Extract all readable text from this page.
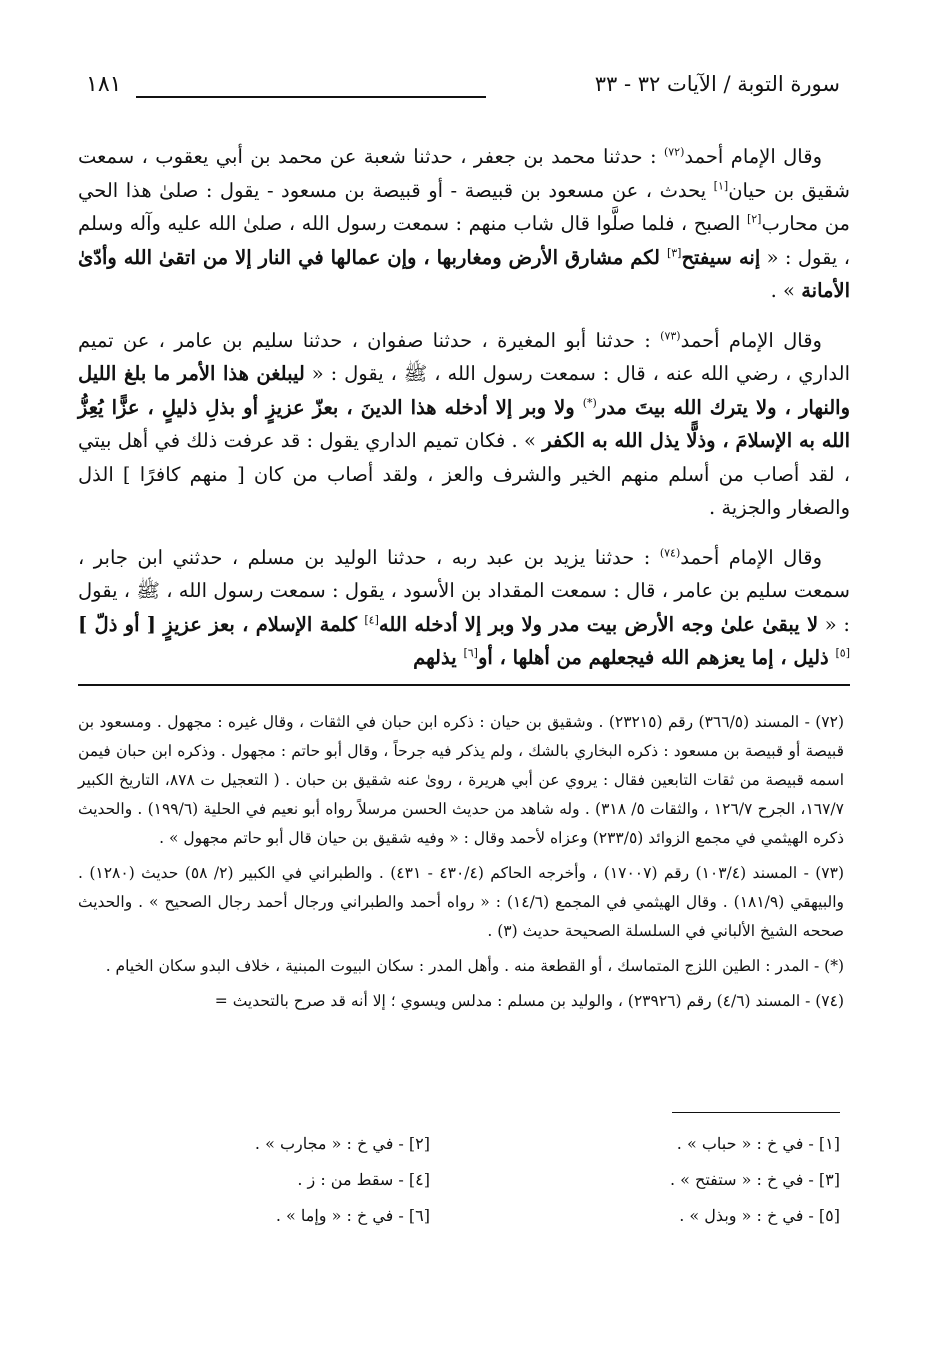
١٨١	سورة التوبة / الآيات ٣٢ - ٣٣

وقال الإمام أحمد$^{(٧٢)}$ : حدثنا محمد بن جعفر ، حدثنا شعبة عن محمد بن أبي يعقوب ، سمعت شقيق بن حيان[١] يحدث ، عن مسعود بن قبيصة - أو قبيصة بن مسعود - يقول : صلىٰ هذا الحي من محارب[٢] الصبح ، فلما صلَّوا قال شاب منهم : سمعت رسول الله ، صلىٰ الله عليه وآله وسلم ، يقول : « إنه سيفتح[٣] لكم مشارق الأرض ومغاربها ، وإن عمالها في النار إلا من اتقىٰ الله وأدّىٰ الأمانة » .

وقال الإمام أحمد$^{(٧٣)}$ : حدثنا أبو المغيرة ، حدثنا صفوان ، حدثنا سليم بن عامر ، عن تميم الداري ، رضي الله عنه ، قال : سمعت رسول الله ، ﷺ ، يقول : « ليبلغن هذا الأمر ما بلغ الليل والنهار ، ولا يترك الله بيتَ مدر(*) ولا وبر إلا أدخله هذا الدينَ ، بعزّ عزيزٍ أو بذلِ ذليلٍ ، عزًّا يُعِزُّ الله به الإسلامَ ، وذلًّا يذل الله به الكفر » . فكان تميم الداري يقول : قد عرفت ذلك في أهل بيتي ، لقد أصاب من أسلم منهم الخير والشرف والعز ، ولقد أصاب من كان [ منهم كافرًا ] الذل والصغار والجزية .

وقال الإمام أحمد$^{(٧٤)}$ : حدثنا يزيد بن عبد ربه ، حدثنا الوليد بن مسلم ، حدثني ابن جابر ، سمعت سليم بن عامر ، قال : سمعت المقداد بن الأسود ، يقول : سمعت رسول الله ، ﷺ ، يقول : « لا يبقىٰ علىٰ وجه الأرض بيت مدر ولا وبر إلا أدخله الله[٤] كلمة الإسلام ، بعز عزيزٍ [ أو ذلّ ][٥] ذليل ، إما يعزهم الله فيجعلهم من أهلها ، أو[٦] يذلهم

(٧٢) - المسند (٣٦٦/٥) رقم (٢٣٢١٥) . وشقيق بن حيان : ذكره ابن حبان في الثقات ، وقال غيره : مجهول . ومسعود بن قبيصة أو قبيصة بن مسعود : ذكره البخاري بالشك ، ولم يذكر فيه جرحاً ، وقال أبو حاتم : مجهول . وذكره ابن حبان فيمن اسمه قبيصة من ثقات التابعين فقال : يروي عن أبي هريرة ، روىٰ عنه شقيق بن حبان . ( التعجيل ت ٨٧٨، التاريخ الكبير ١٦٧/٧، الجرح ١٢٦/٧ ، والثقات ٥/ ٣١٨) . وله شاهد من حديث الحسن مرسلاً رواه أبو نعيم في الحلية (١٩٩/٦) . والحديث ذكره الهيثمي في مجمع الزوائد (٢٣٣/٥) وعزاه لأحمد وقال : « وفيه شقيق بن حيان قال أبو حاتم مجهول » .

(٧٣) - المسند (١٠٣/٤) رقم (١٧٠٠٧) ، وأخرجه الحاكم (٤٣٠/٤ - ٤٣١) . والطبراني في الكبير (٢/ ٥٨) حديث (١٢٨٠) . والبيهقي (١٨١/٩) . وقال الهيثمي في المجمع (١٤/٦) : « رواه أحمد والطبراني ورجال أحمد رجال الصحيح » . والحديث صححه الشيخ الألباني في السلسلة الصحيحة حديث (٣) .

(*) - المدر : الطين اللزج المتماسك ، أو القطعة منه . وأهل المدر : سكان البيوت المبنية ، خلاف البدو سكان الخيام .

(٧٤) - المسند (٤/٦) رقم (٢٣٩٢٦) ، والوليد بن مسلم : مدلس ويسوي ؛ إلا أنه قد صرح بالتحديث =

[١] - في خ : « حباب » .
[٢] - في خ : « مجارب » .
[٣] - في خ : « ستفتح » .
[٤] - سقط من : ز .
[٥] - في خ : « وبذل » .
[٦] - في خ : « وإما » .
